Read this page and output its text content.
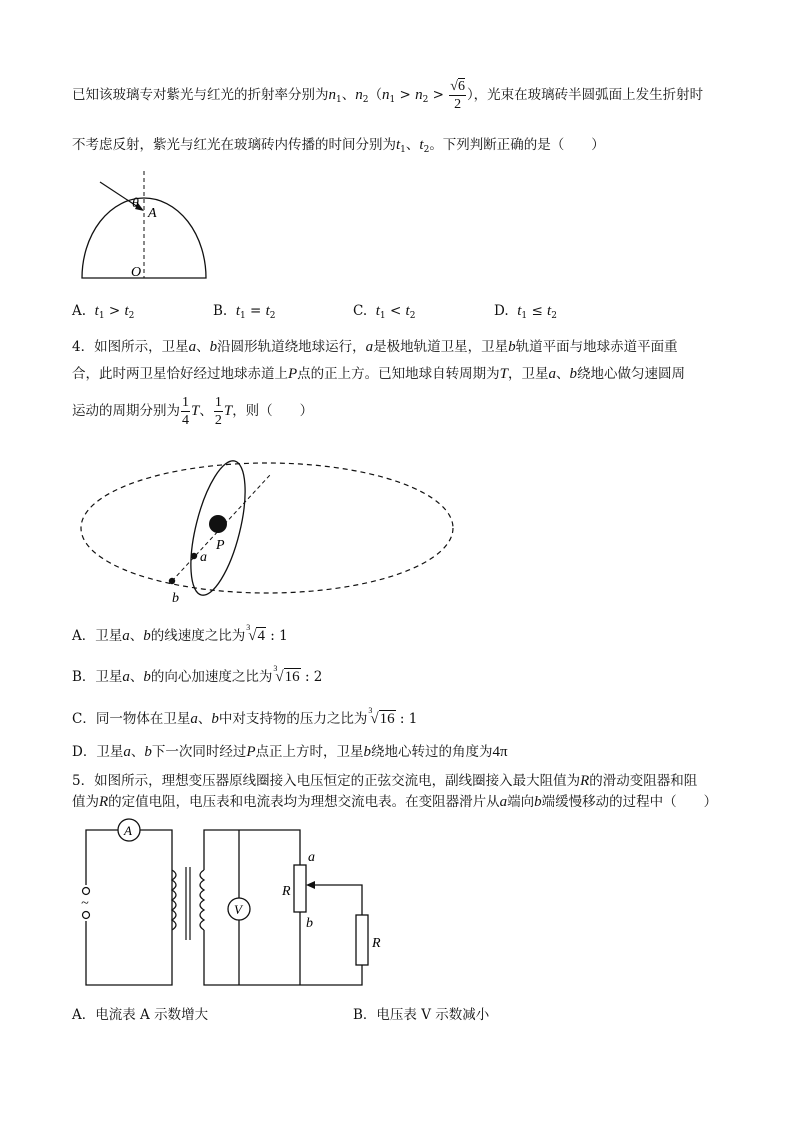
已知该玻璃专对紫光与红光的折射率分别为$n_1$、$n_2(n_1 > n_2 > \frac{√6}{2}$ ），光束在玻璃砖半圆弧面上发生折射时
不考虑反射，紫光与红光在玻璃砖内传播的时间分别为$t_1$、$t_2$。下列判断正确的是（　　）
θ
A
O
A. $t_1 > t_2$	B. $t_1 = t_2$	C. $t_1 < t_2$	D. $t_1 \le t_2$
4．如图所示，卫星a、b沿圆形轨道绕地球运行，a是极地轨道卫星，卫星b轨道平面与地球赤道平面重
合，此时两卫星恰好经过地球赤道上P点的正上方。已知地球自转周期为T，卫星a、b绕地心做匀速圆周
运动的周期分别为 $\frac{1}{4}$ T、 $\frac{1}{2}$ T，则（　　）
P
a
b
A．卫星a、b的线速度之比为
3
√4 : 1
B．卫星a、b的向心加速度之比为
3
√16 : 2
C．同一物体在卫星a、b中对支持物的压力之比为
3
√16 : 1
D．卫星a、b下一次同时经过P点正上方时，卫星b绕地心转过的角度为4π
5．如图所示，理想变压器原线圈接入电压恒定的正弦交流电，副线圈接入最大阻值为R的滑动变阻器和阻
值为R的定值电阻，电压表和电流表均为理想交流电表。在变阻器滑片从a端向b端缓慢移动的过程中（　　）
~
A
V
a
b
R
R
A．电流表 A 示数增大	B．电压表 V 示数减小
